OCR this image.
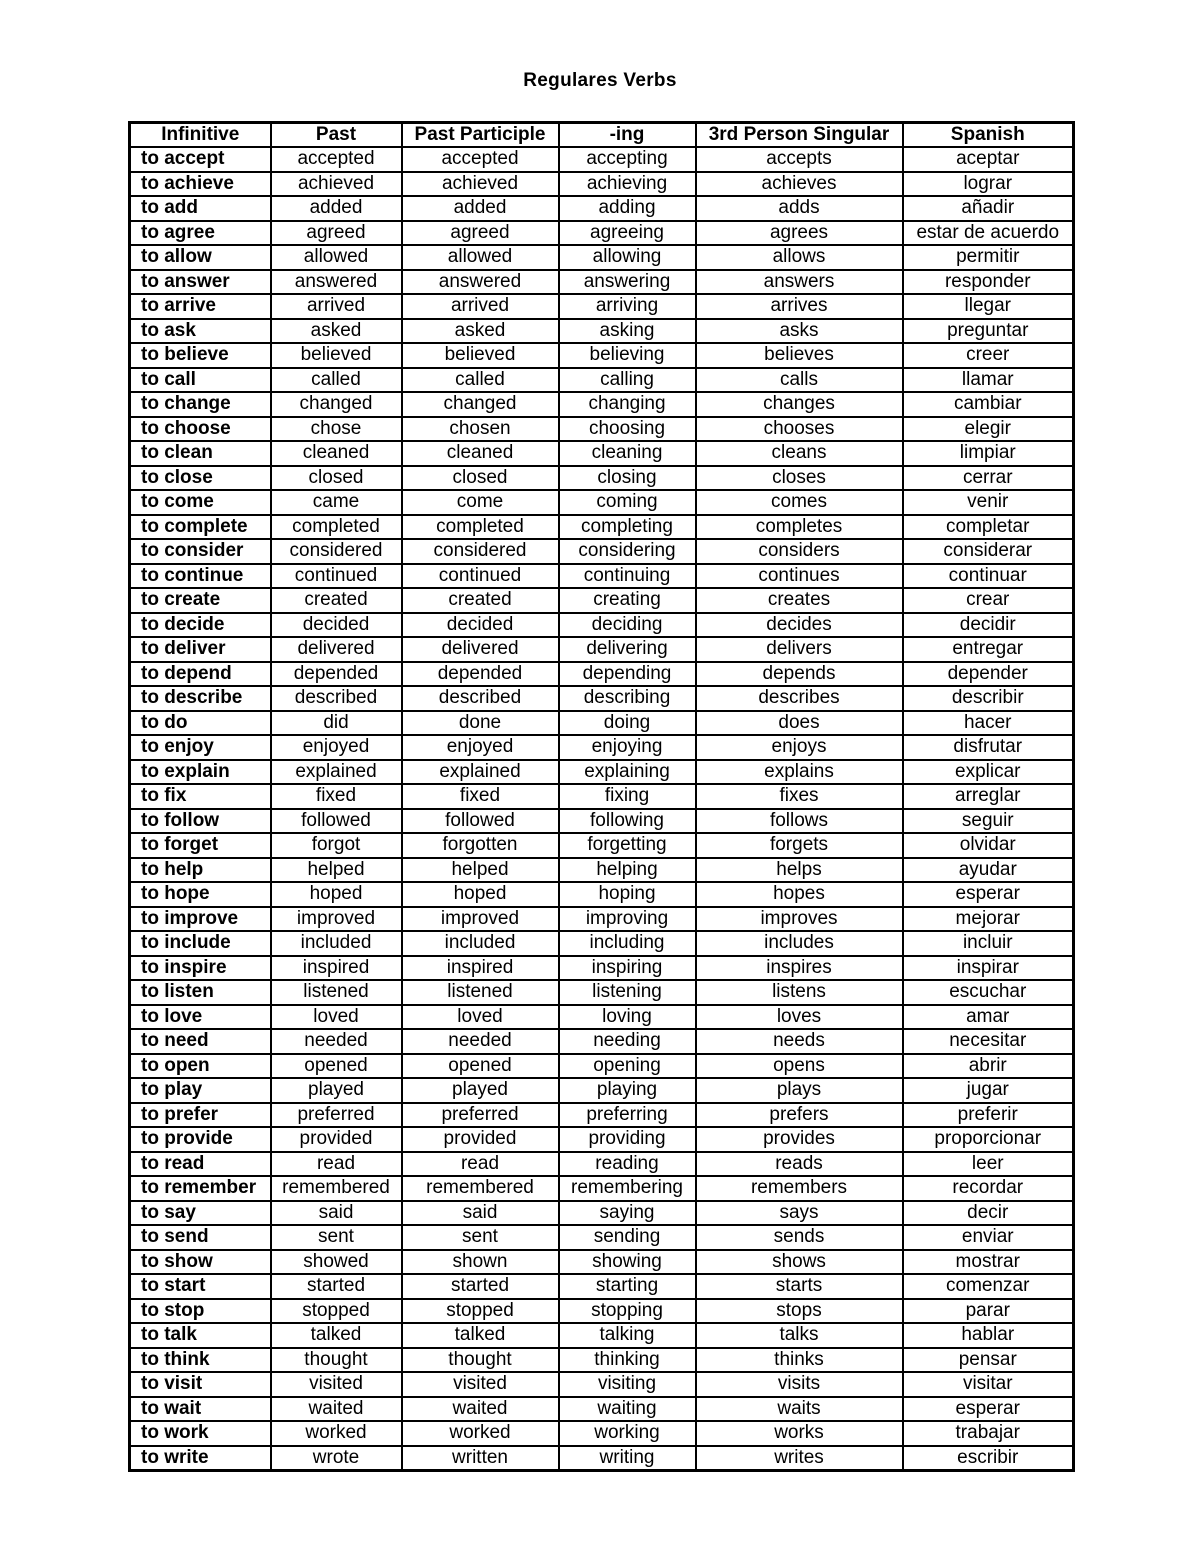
Regulares Verbs
Infinitive	Past	Past Participle	-ing	3rd Person Singular	Spanish
to accept	accepted	accepted	accepting	accepts	aceptar
to achieve	achieved	achieved	achieving	achieves	lograr
to add	added	added	adding	adds	añadir
to agree	agreed	agreed	agreeing	agrees	estar de acuerdo
to allow	allowed	allowed	allowing	allows	permitir
to answer	answered	answered	answering	answers	responder
to arrive	arrived	arrived	arriving	arrives	llegar
to ask	asked	asked	asking	asks	preguntar
to believe	believed	believed	believing	believes	creer
to call	called	called	calling	calls	llamar
to change	changed	changed	changing	changes	cambiar
to choose	chose	chosen	choosing	chooses	elegir
to clean	cleaned	cleaned	cleaning	cleans	limpiar
to close	closed	closed	closing	closes	cerrar
to come	came	come	coming	comes	venir
to complete	completed	completed	completing	completes	completar
to consider	considered	considered	considering	considers	considerar
to continue	continued	continued	continuing	continues	continuar
to create	created	created	creating	creates	crear
to decide	decided	decided	deciding	decides	decidir
to deliver	delivered	delivered	delivering	delivers	entregar
to depend	depended	depended	depending	depends	depender
to describe	described	described	describing	describes	describir
to do	did	done	doing	does	hacer
to enjoy	enjoyed	enjoyed	enjoying	enjoys	disfrutar
to explain	explained	explained	explaining	explains	explicar
to fix	fixed	fixed	fixing	fixes	arreglar
to follow	followed	followed	following	follows	seguir
to forget	forgot	forgotten	forgetting	forgets	olvidar
to help	helped	helped	helping	helps	ayudar
to hope	hoped	hoped	hoping	hopes	esperar
to improve	improved	improved	improving	improves	mejorar
to include	included	included	including	includes	incluir
to inspire	inspired	inspired	inspiring	inspires	inspirar
to listen	listened	listened	listening	listens	escuchar
to love	loved	loved	loving	loves	amar
to need	needed	needed	needing	needs	necesitar
to open	opened	opened	opening	opens	abrir
to play	played	played	playing	plays	jugar
to prefer	preferred	preferred	preferring	prefers	preferir
to provide	provided	provided	providing	provides	proporcionar
to read	read	read	reading	reads	leer
to remember	remembered	remembered	remembering	remembers	recordar
to say	said	said	saying	says	decir
to send	sent	sent	sending	sends	enviar
to show	showed	shown	showing	shows	mostrar
to start	started	started	starting	starts	comenzar
to stop	stopped	stopped	stopping	stops	parar
to talk	talked	talked	talking	talks	hablar
to think	thought	thought	thinking	thinks	pensar
to visit	visited	visited	visiting	visits	visitar
to wait	waited	waited	waiting	waits	esperar
to work	worked	worked	working	works	trabajar
to write	wrote	written	writing	writes	escribir
